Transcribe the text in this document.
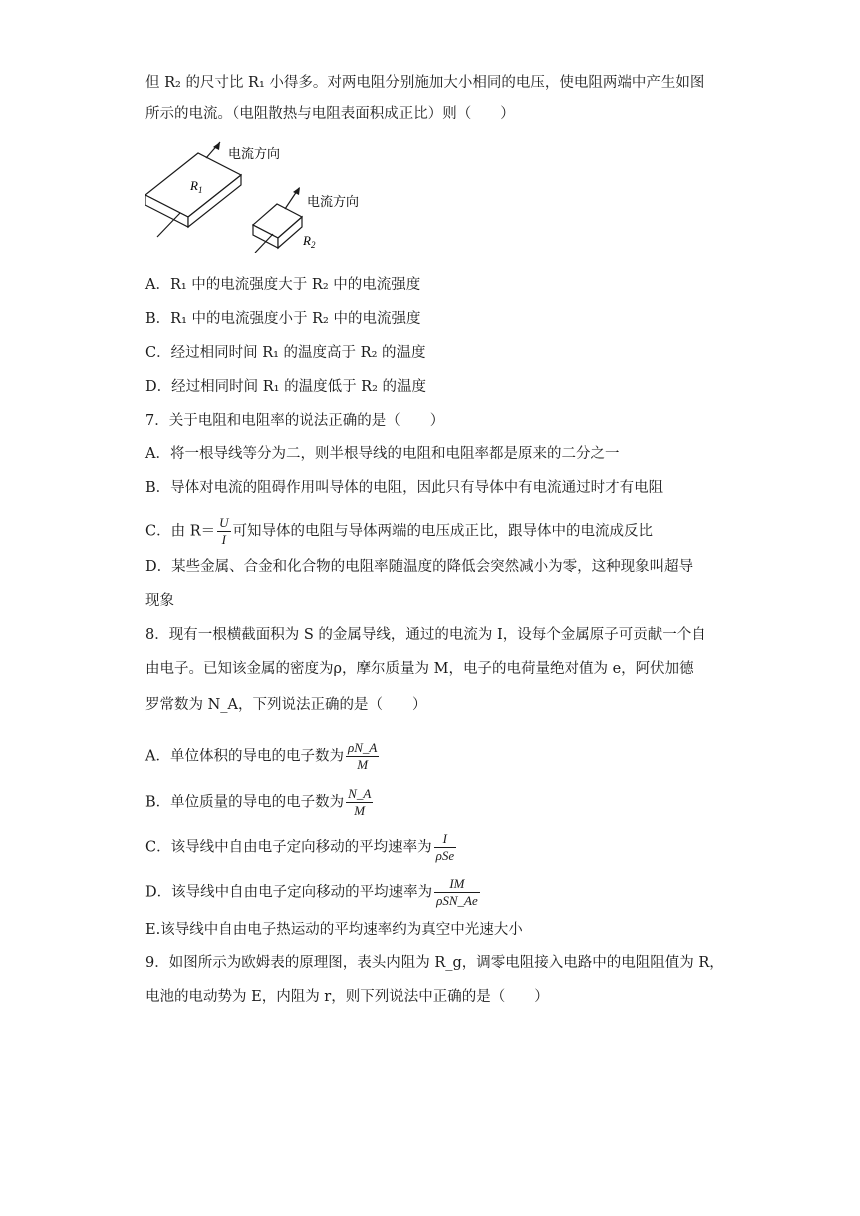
但 R₂ 的尺寸比 R₁ 小得多。对两电阻分别施加大小相同的电压，使电阻两端中产生如图
所示的电流。（电阻散热与电阻表面积成正比）则（　　）
$R_1$
电流方向
电流方向
$R_2$
A．R₁ 中的电流强度大于 R₂ 中的电流强度
B．R₁ 中的电流强度小于 R₂ 中的电流强度
C．经过相同时间 R₁ 的温度高于 R₂ 的温度
D．经过相同时间 R₁ 的温度低于 R₂ 的温度
7．关于电阻和电阻率的说法正确的是（　　）
A．将一根导线等分为二，则半根导线的电阻和电阻率都是原来的二分之一
B．导体对电流的阻碍作用叫导体的电阻，因此只有导体中有电流通过时才有电阻
C．由 $R= \frac{U}{I}$ 可知导体的电阻与导体两端的电压成正比，跟导体中的电流成反比
D．某些金属、合金和化合物的电阻率随温度的降低会突然减小为零，这种现象叫超导
现象
8．现有一根横截面积为 S 的金属导线，通过的电流为 I，设每个金属原子可贡献一个自
由电子。已知该金属的密度为ρ，摩尔质量为 M，电子的电荷量绝对值为 e，阿伏加德
罗常数为 N_A，下列说法正确的是（　　）
A．单位体积的导电的电子数为 $\frac{\rho N\_A}{M}$
B．单位质量的导电的电子数为 $\frac{N\_A}{M}$
C．该导线中自由电子定向移动的平均速率为 $\frac{I}{\text{ρSe}}$
D．该导线中自由电子定向移动的平均速率为 $\frac{IM}{\text{ρSN\_Ae}}$
E.该导线中自由电子热运动的平均速率约为真空中光速大小
9．如图所示为欧姆表的原理图，表头内阻为 R_g，调零电阻接入电路中的电阻阻值为 R，
电池的电动势为 E，内阻为 r，则下列说法中正确的是（　　）
